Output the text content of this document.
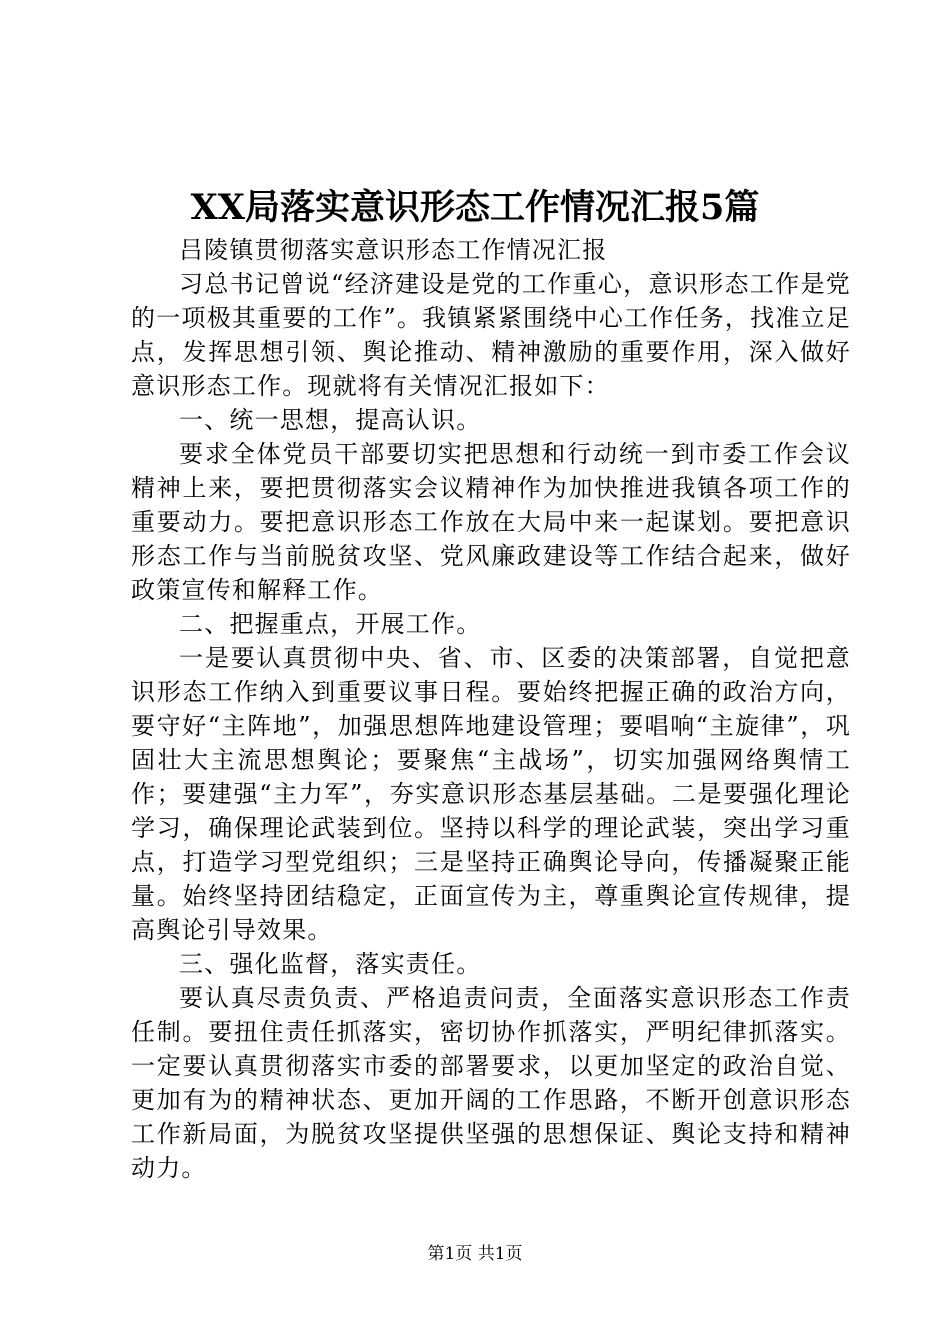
XX局落实意识形态工作情况汇报5篇

吕陵镇贯彻落实意识形态工作情况汇报

习总书记曾说“经济建设是党的工作重心，意识形态工作是党的一项极其重要的工作”。我镇紧紧围绕中心工作任务，找准立足点，发挥思想引领、舆论推动、精神激励的重要作用，深入做好意识形态工作。现就将有关情况汇报如下：

一、统一思想，提高认识。

要求全体党员干部要切实把思想和行动统一到市委工作会议精神上来，要把贯彻落实会议精神作为加快推进我镇各项工作的重要动力。要把意识形态工作放在大局中来一起谋划。要把意识形态工作与当前脱贫攻坚、党风廉政建设等工作结合起来，做好政策宣传和解释工作。

二、把握重点，开展工作。

一是要认真贯彻中央、省、市、区委的决策部署，自觉把意识形态工作纳入到重要议事日程。要始终把握正确的政治方向，要守好“主阵地”，加强思想阵地建设管理；要唱响“主旋律”，巩固壮大主流思想舆论；要聚焦“主战场”，切实加强网络舆情工作；要建强“主力军”，夯实意识形态基层基础。二是要强化理论学习，确保理论武装到位。坚持以科学的理论武装，突出学习重点，打造学习型党组织；三是坚持正确舆论导向，传播凝聚正能量。始终坚持团结稳定，正面宣传为主，尊重舆论宣传规律，提高舆论引导效果。

三、强化监督，落实责任。

要认真尽责负责、严格追责问责，全面落实意识形态工作责任制。要扭住责任抓落实，密切协作抓落实，严明纪律抓落实。一定要认真贯彻落实市委的部署要求，以更加坚定的政治自觉、更加有为的精神状态、更加开阔的工作思路，不断开创意识形态工作新局面，为脱贫攻坚提供坚强的思想保证、舆论支持和精神动力。

第1页 共1页
